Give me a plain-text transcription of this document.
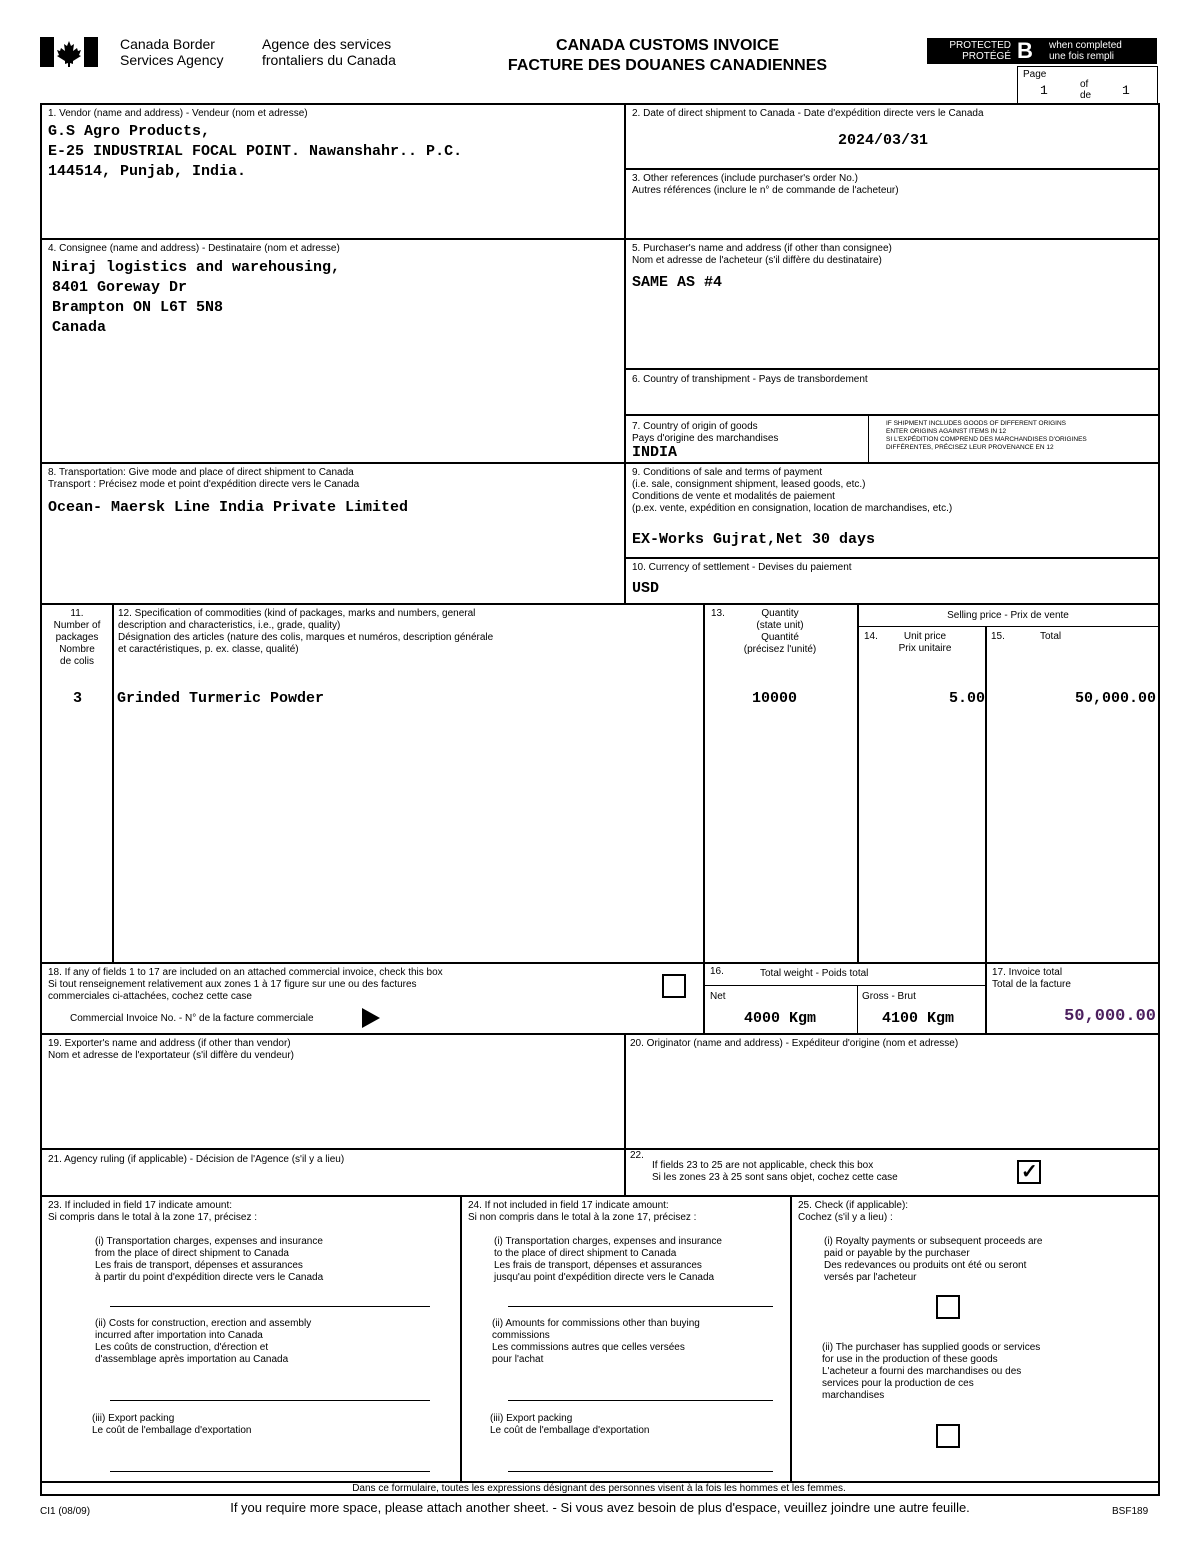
Canada Border
Services Agency
Agence des services
frontaliers du Canada
CANADA CUSTOMS INVOICE
FACTURE DES DOUANES CANADIENNES
PROTECTED
PROTÉGÉ B when completed
une fois rempli
Page
1	of
de 1
1. Vendor (name and address) - Vendeur (nom et adresse)
G.S Agro Products,
E-25 INDUSTRIAL FOCAL POINT. Nawanshahr.. P.C.
144514, Punjab, India.
2. Date of direct shipment to Canada - Date d'expédition directe vers le Canada
2024/03/31
3. Other references (include purchaser's order No.)
Autres références (inclure le n° de commande de l'acheteur)
4. Consignee (name and address) - Destinataire (nom et adresse)
Niraj logistics and warehousing,
8401 Goreway Dr
Brampton ON L6T 5N8
Canada
5. Purchaser's name and address (if other than consignee)
Nom et adresse de l'acheteur (s'il diffère du destinataire)
SAME AS #4
6. Country of transhipment - Pays de transbordement
7. Country of origin of goods
Pays d'origine des marchandises
IF SHIPMENT INCLUDES GOODS OF DIFFERENT ORIGINS
ENTER ORIGINS AGAINST ITEMS IN 12
SI L'EXPÉDITION COMPREND DES MARCHANDISES D'ORIGINES
DIFFÉRENTES, PRÉCISEZ LEUR PROVENANCE EN 12
INDIA
8. Transportation: Give mode and place of direct shipment to Canada
Transport : Précisez mode et point d'expédition directe vers le Canada
Ocean- Maersk Line India Private Limited
9. Conditions of sale and terms of payment
(i.e. sale, consignment shipment, leased goods, etc.)
Conditions de vente et modalités de paiement
(p.ex. vente, expédition en consignation, location de marchandises, etc.)
EX-Works Gujrat,Net 30 days
10. Currency of settlement - Devises du paiement
USD
11.
Number of
packages
Nombre
de colis
12. Specification of commodities (kind of packages, marks and numbers, general
description and characteristics, i.e., grade, quality)
Désignation des articles (nature des colis, marques et numéros, description générale
et caractéristiques, p. ex. classe, qualité)
13.	Quantity
(state unit)
Quantité
(précisez l'unité)
Selling price - Prix de vente
14.	Unit price
Prix unitaire
15.	Total
3 Grinded Turmeric Powder	10000	5.00	50,000.00
18. If any of fields 1 to 17 are included on an attached commercial invoice, check this box
Si tout renseignement relativement aux zones 1 à 17 figure sur une ou des factures
commerciales ci-attachées, cochez cette case
Commercial Invoice No. - N° de la facture commerciale
16.	Total weight - Poids total
Net	Gross - Brut
4000 Kgm	4100 Kgm
17. Invoice total
Total de la facture
50,000.00
19. Exporter's name and address (if other than vendor)
Nom et adresse de l'exportateur (s'il diffère du vendeur)
20. Originator (name and address) - Expéditeur d'origine (nom et adresse)
21. Agency ruling (if applicable) - Décision de l'Agence (s'il y a lieu)	22.
If fields 23 to 25 are not applicable, check this box
Si les zones 23 à 25 sont sans objet, cochez cette case	✓
23. If included in field 17 indicate amount:
Si compris dans le total à la zone 17, précisez :
(i) Transportation charges, expenses and insurance
from the place of direct shipment to Canada
Les frais de transport, dépenses et assurances
à partir du point d'expédition directe vers le Canada
(ii) Costs for construction, erection and assembly
incurred after importation into Canada
Les coûts de construction, d'érection et
d'assemblage après importation au Canada
(iii) Export packing
Le coût de l'emballage d'exportation
24. If not included in field 17 indicate amount:
Si non compris dans le total à la zone 17, précisez :
(i) Transportation charges, expenses and insurance
to the place of direct shipment to Canada
Les frais de transport, dépenses et assurances
jusqu'au point d'expédition directe vers le Canada
(ii) Amounts for commissions other than buying
commissions
Les commissions autres que celles versées
pour l'achat
(iii) Export packing
Le coût de l'emballage d'exportation
25. Check (if applicable):
Cochez (s'il y a lieu) :
(i) Royalty payments or subsequent proceeds are
paid or payable by the purchaser
Des redevances ou produits ont été ou seront
versés par l'acheteur
(ii) The purchaser has supplied goods or services
for use in the production of these goods
L'acheteur a fourni des marchandises ou des
services pour la production de ces
marchandises
Dans ce formulaire, toutes les expressions désignant des personnes visent à la fois les hommes et les femmes.
CI1 (08/09)	If you require more space, please attach another sheet. - Si vous avez besoin de plus d'espace, veuillez joindre une autre feuille.	BSF189
